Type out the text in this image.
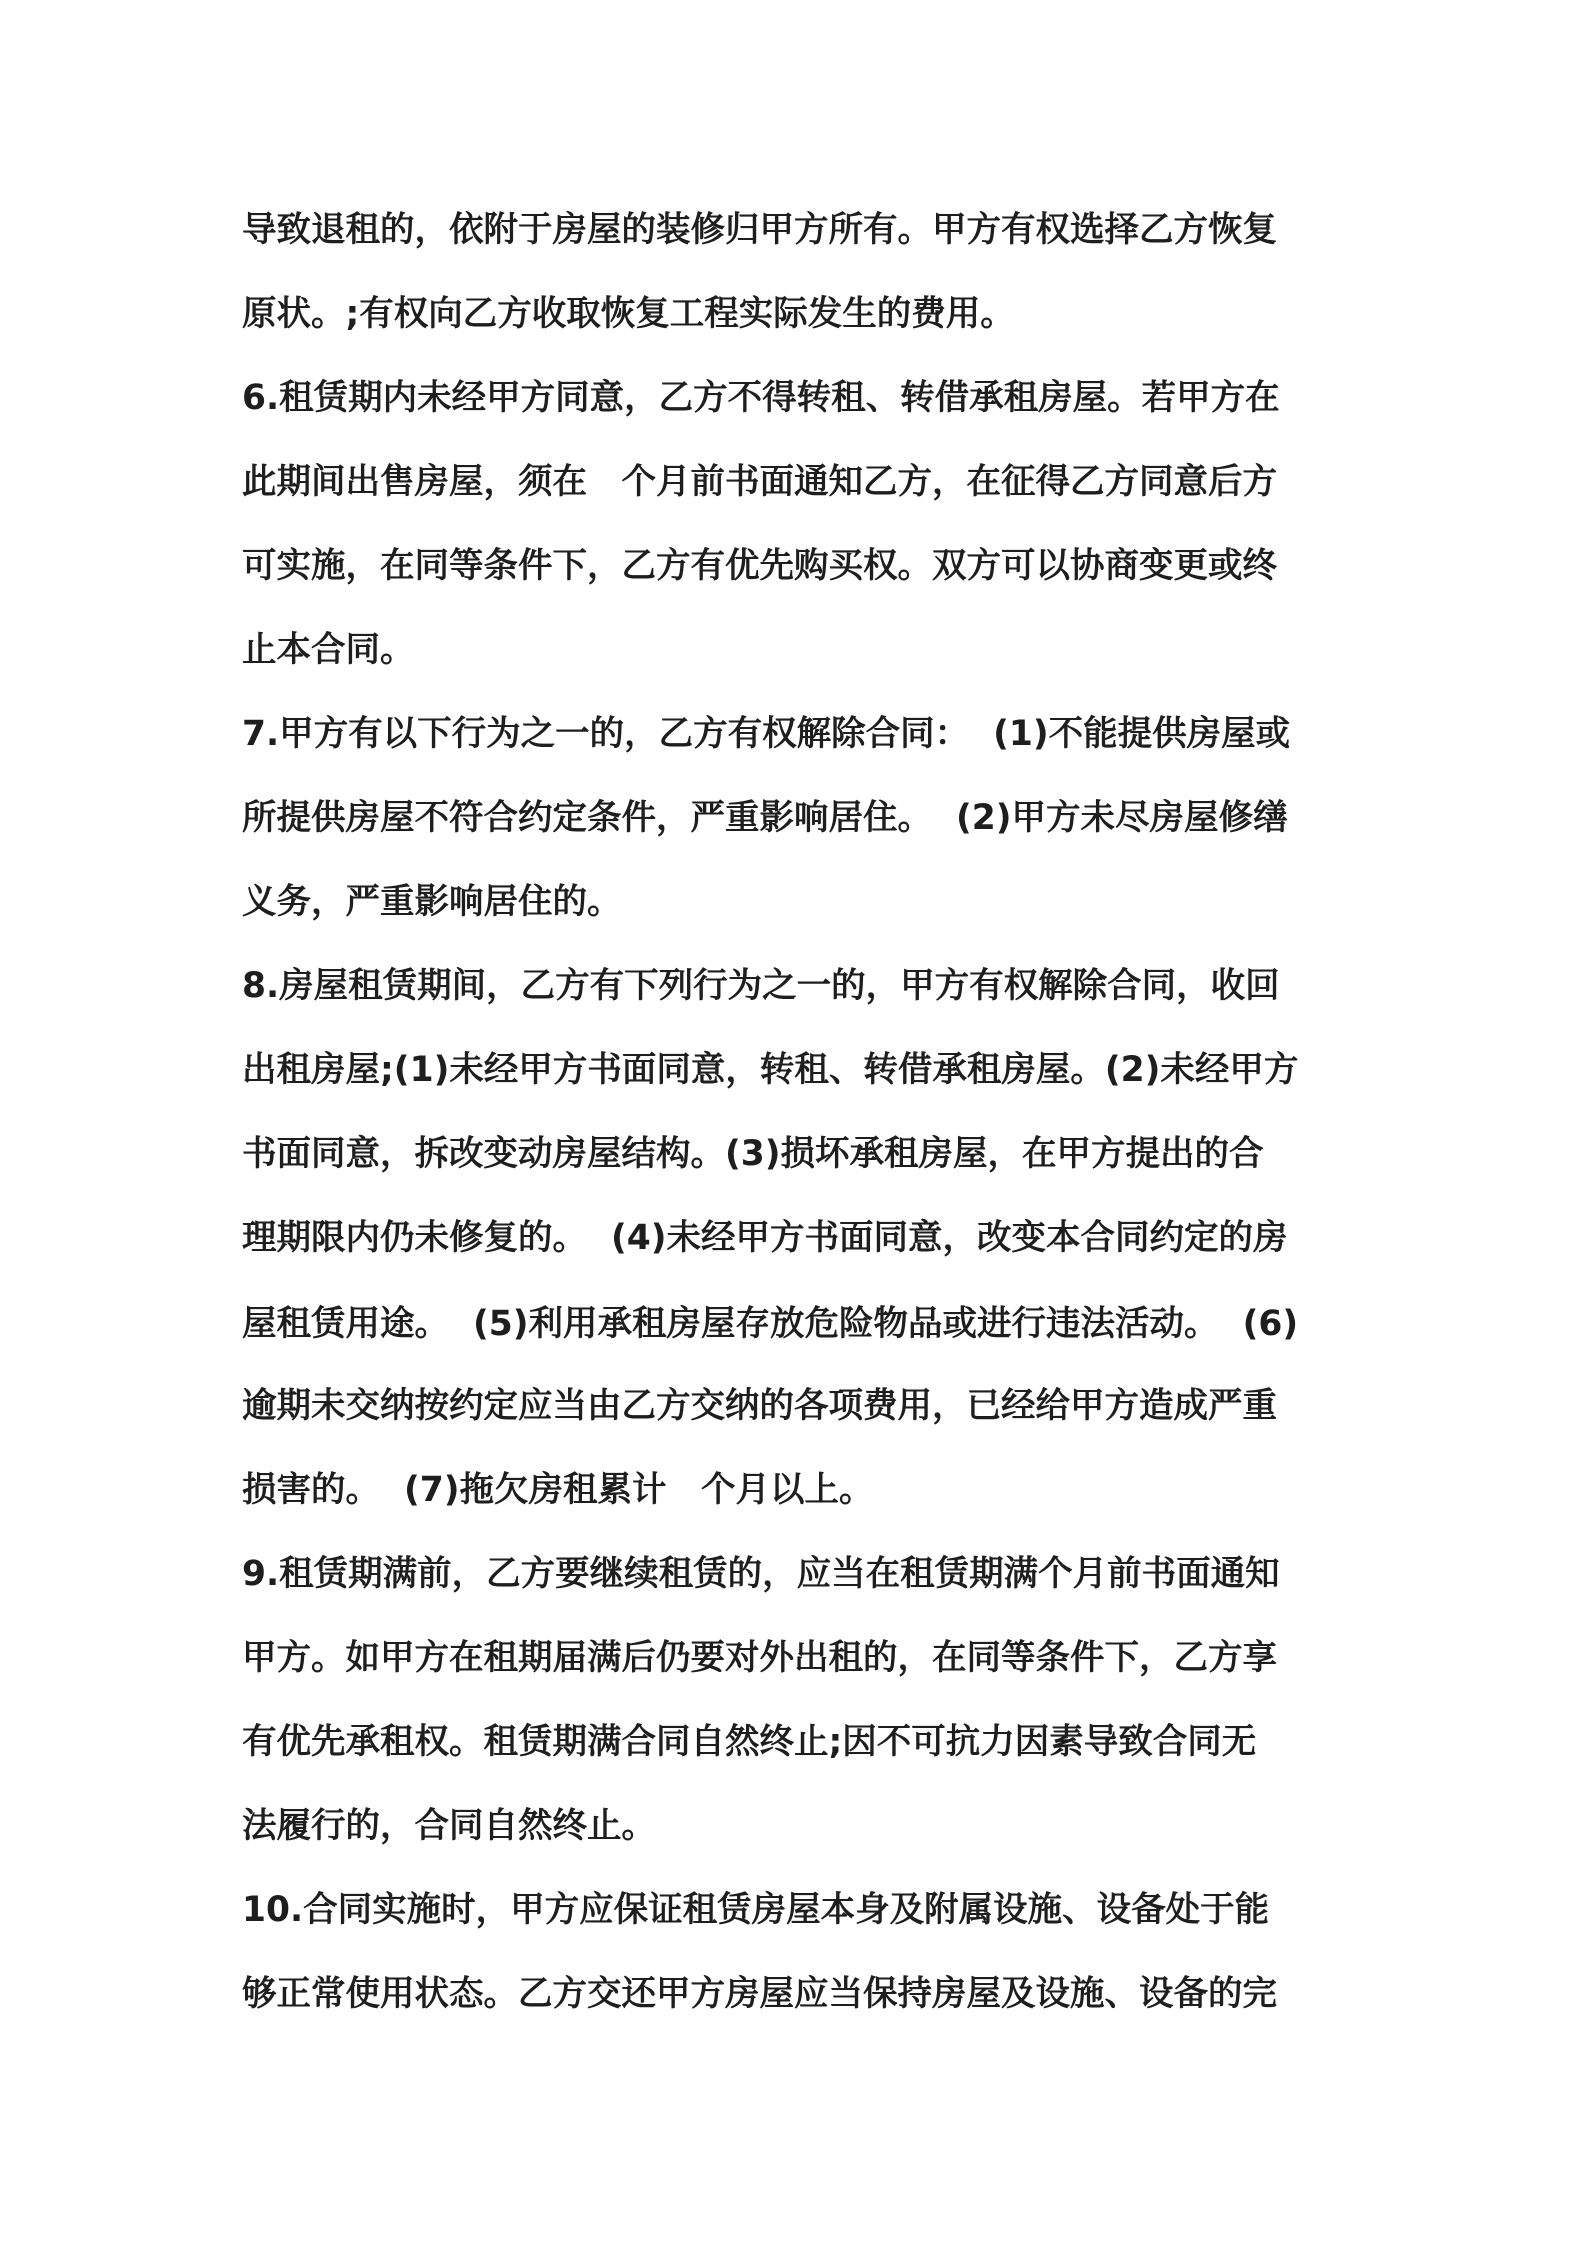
导致退租的，依附于房屋的装修归甲方所有。甲方有权选择乙方恢复
原状。;有权向乙方收取恢复工程实际发生的费用。
6.租赁期内未经甲方同意，乙方不得转租、转借承租房屋。若甲方在
此期间出售房屋，须在　个月前书面通知乙方，在征得乙方同意后方
可实施，在同等条件下，乙方有优先购买权。双方可以协商变更或终
止本合同。
7.甲方有以下行为之一的，乙方有权解除合同：  (1)不能提供房屋或
所提供房屋不符合约定条件，严重影响居住。  (2)甲方未尽房屋修缮
义务，严重影响居住的。
8.房屋租赁期间，乙方有下列行为之一的，甲方有权解除合同，收回
出租房屋;(1)未经甲方书面同意，转租、转借承租房屋。(2)未经甲方
书面同意，拆改变动房屋结构。(3)损坏承租房屋，在甲方提出的合
理期限内仍未修复的。  (4)未经甲方书面同意，改变本合同约定的房
屋租赁用途。  (5)利用承租房屋存放危险物品或进行违法活动。  (6)
逾期未交纳按约定应当由乙方交纳的各项费用，已经给甲方造成严重
损害的。  (7)拖欠房租累计　个月以上。
9.租赁期满前，乙方要继续租赁的，应当在租赁期满个月前书面通知
甲方。如甲方在租期届满后仍要对外出租的，在同等条件下，乙方享
有优先承租权。租赁期满合同自然终止;因不可抗力因素导致合同无
法履行的，合同自然终止。
10.合同实施时，甲方应保证租赁房屋本身及附属设施、设备处于能
够正常使用状态。乙方交还甲方房屋应当保持房屋及设施、设备的完
